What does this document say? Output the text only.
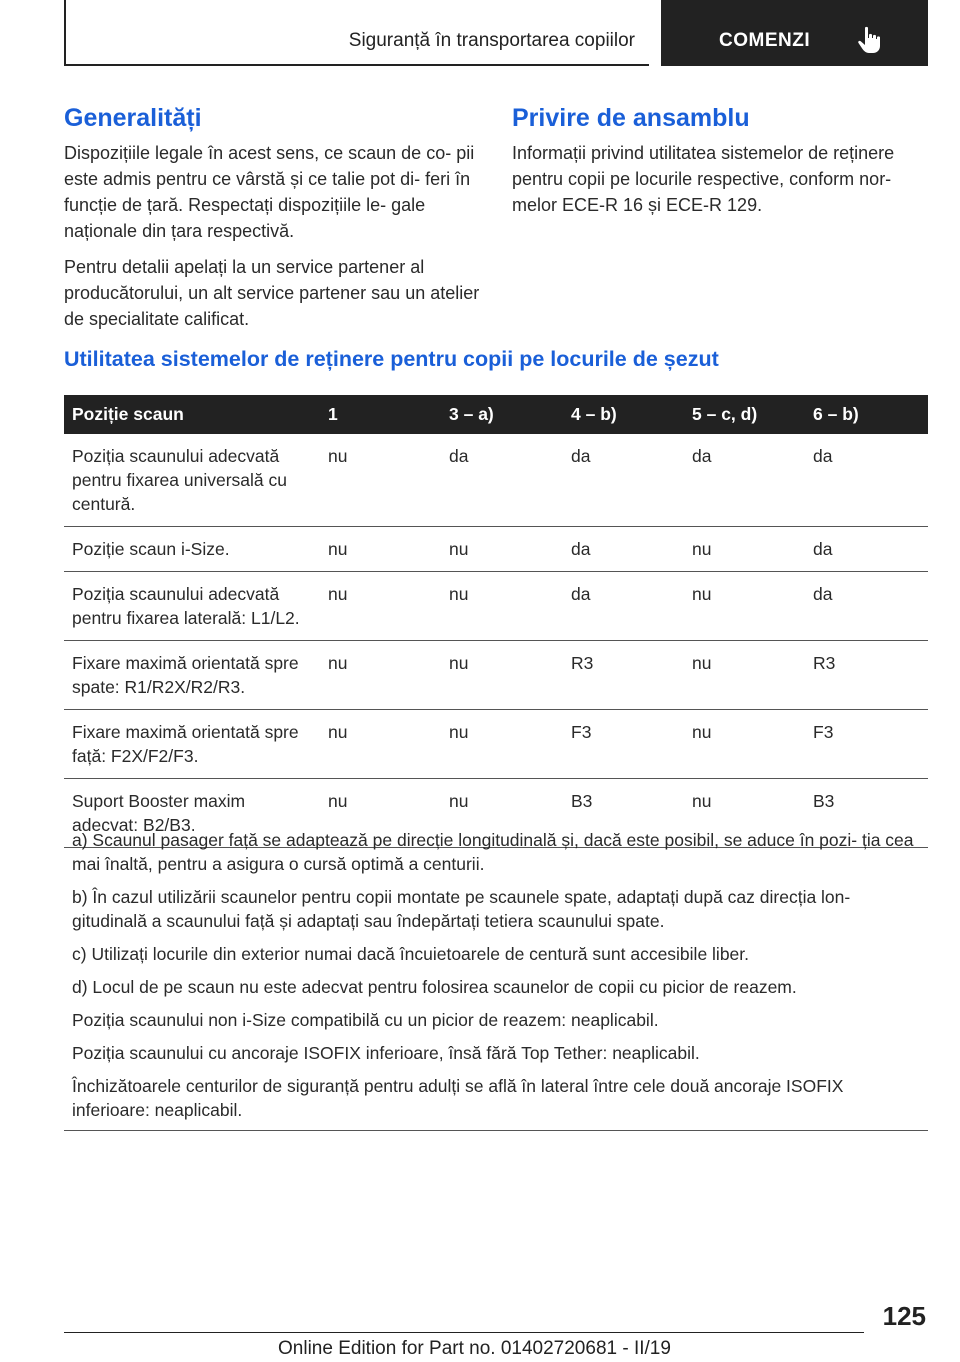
Siguranță în transportarea copiilor	COMENZI
Generalități

Dispozițiile legale în acest sens, ce scaun de co‐ pii este admis pentru ce vârstă și ce talie pot di‐ feri în funcție de țară. Respectați dispozițiile le‐ gale naționale din țara respectivă.

Pentru detalii apelați la un service partener al producătorului, un alt service partener sau un atelier de specialitate calificat.

Privire de ansamblu

Informații privind utilitatea sistemelor de reținere pentru copii pe locurile respective, conform nor‐ melor ECE-R 16 și ECE-R 129.

Utilitatea sistemelor de reținere pentru copii pe locurile de șezut
Poziție scaun	1	3 – a)	4 – b)	5 – c, d)	6 – b)
Poziția scaunului adecvată pentru fixarea universală cu centură.	nu	da	da	da	da
Poziție scaun i-Size.	nu	nu	da	nu	da
Poziția scaunului adecvată pentru fixarea laterală: L1/L2.	nu	nu	da	nu	da
Fixare maximă orientată spre spate: R1/R2X/R2/R3.	nu	nu	R3	nu	R3
Fixare maximă orientată spre față: F2X/F2/F3.	nu	nu	F3	nu	F3
Suport Booster maxim adecvat: B2/B3.	nu	nu	B3	nu	B3

a) Scaunul pasager față se adaptează pe direcție longitudinală și, dacă este posibil, se aduce în pozi‐ ția cea mai înaltă, pentru a asigura o cursă optimă a centurii.

b) În cazul utilizării scaunelor pentru copii montate pe scaunele spate, adaptați după caz direcția lon‐ gitudinală a scaunului față și adaptați sau îndepărtați tetiera scaunului spate.

c) Utilizați locurile din exterior numai dacă încuietoarele de centură sunt accesibile liber.

d) Locul de pe scaun nu este adecvat pentru folosirea scaunelor de copii cu picior de reazem.

Poziția scaunului non i-Size compatibilă cu un picior de reazem: neaplicabil.

Poziția scaunului cu ancoraje ISOFIX inferioare, însă fără Top Tether: neaplicabil.

Închizătoarele centurilor de siguranță pentru adulți se află în lateral între cele două ancoraje ISOFIX inferioare: neaplicabil.

125
Online Edition for Part no. 01402720681 - II/19
